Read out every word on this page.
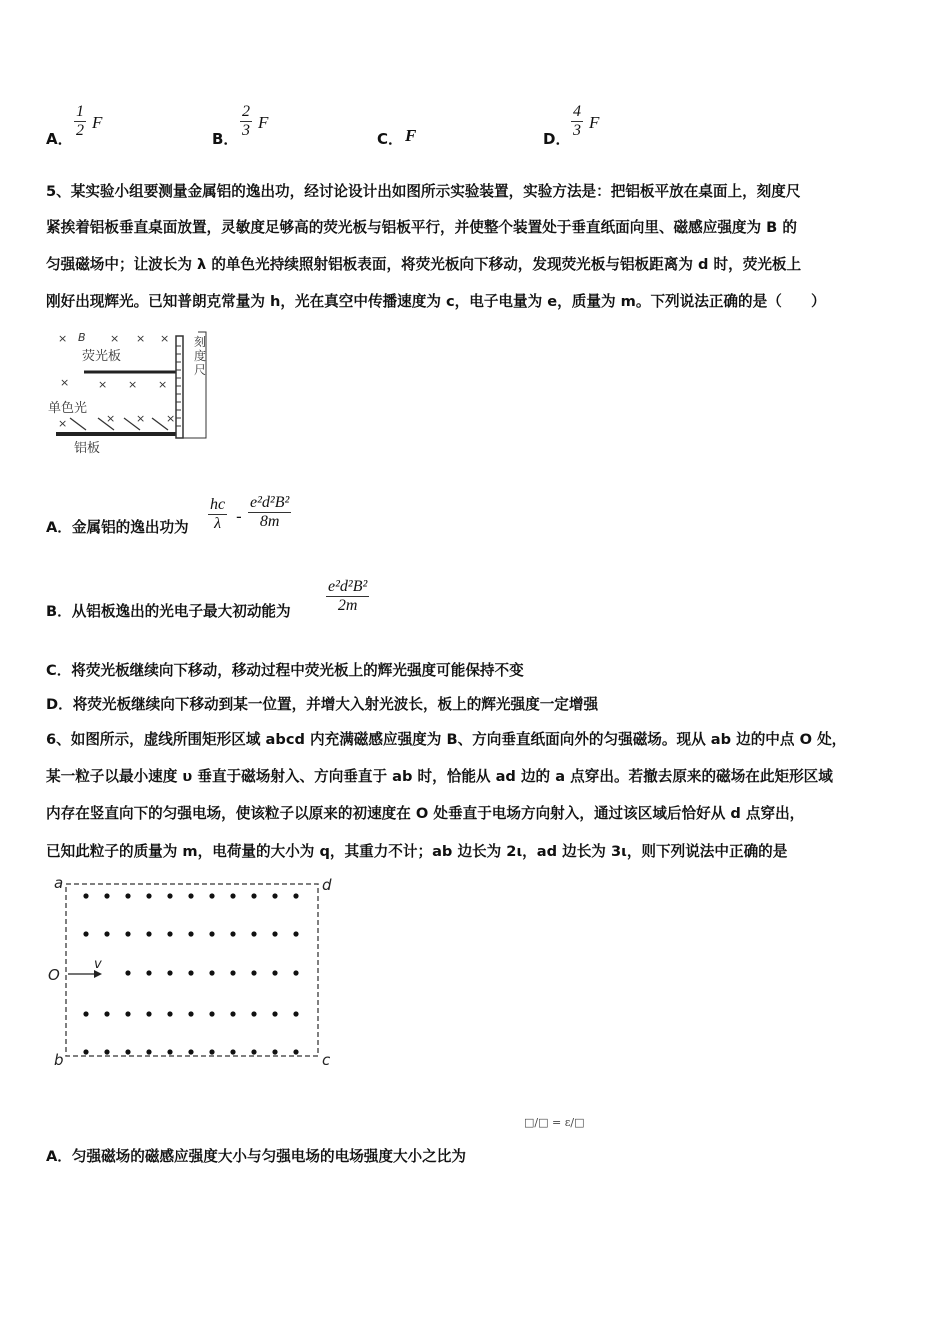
A． $\frac{1}{2}$ F
B． $\frac{2}{3}$ F
C． F	D． $\frac{4}{3}$ F
5、某实验小组要测量金属铝的逸出功，经讨论设计出如图所示实验装置，实验方法是：把铝板平放在桌面上，刻度尺
紧挨着铝板垂直桌面放置，灵敏度足够高的荧光板与铝板平行，并使整个装置处于垂直纸面向里、磁感应强度为 B 的
匀强磁场中；让波长为 λ 的单色光持续照射铝板表面，将荧光板向下移动，发现荧光板与铝板距离为 d 时，荧光板上
刚好出现辉光。已知普朗克常量为 h，光在真空中传播速度为 c，电子电量为 e，质量为 m。下列说法正确的是（　　）
× B × × ×
荧光板
×	× × ×
× × ×
×
单色光
铝板
刻
度
尺
A．金属铝的逸出功为 $\frac{hc}{\lambda} - \frac{\text{e²d²B²}}{8m}$
B．从铝板逸出的光电子最大初动能为 $\frac{\text{e²d²B²}}{2m}$
C．将荧光板继续向下移动，移动过程中荧光板上的辉光强度可能保持不变
D．将荧光板继续向下移动到某一位置，并增大入射光波长，板上的辉光强度一定增强
6、如图所示，虚线所围矩形区域 abcd 内充满磁感应强度为 B、方向垂直纸面向外的匀强磁场。现从 ab 边的中点 O 处，
某一粒子以最小速度 υ 垂直于磁场射入、方向垂直于 ab 时，恰能从 ad 边的 a 点穿出。若撤去原来的磁场在此矩形区域
内存在竖直向下的匀强电场，使该粒子以原来的初速度在 O 处垂直于电场方向射入，通过该区域后恰好从 d 点穿出，
已知此粒子的质量为 m，电荷量的大小为 q，其重力不计；ab 边长为 2ι，ad 边长为 3ι，则下列说法中正确的是
a	d
b	c
O
v
A．匀强磁场的磁感应强度大小与匀强电场的电场强度大小之比为
□/□ = ε/□
